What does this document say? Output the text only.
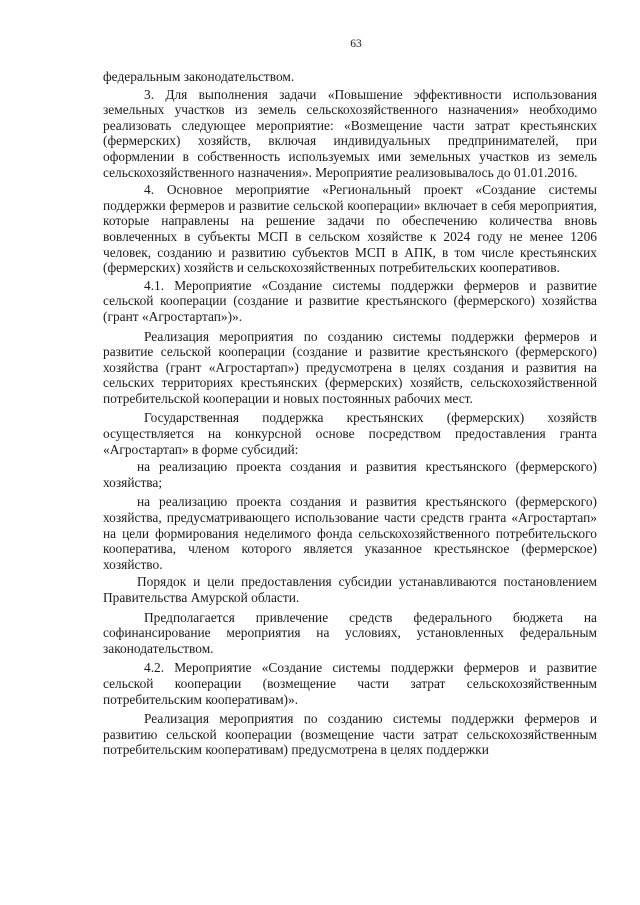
63

федеральным законодательством.

3. Для выполнения задачи «Повышение эффективности использования земельных участков из земель сельскохозяйственного назначения» необходимо реализовать следующее мероприятие: «Возмещение части затрат крестьянских (фермерских) хозяйств, включая индивидуальных предпринимателей, при оформлении в собственность используемых ими земельных участков из земель сельскохозяйственного назначения». Мероприятие реализовывалось до 01.01.2016.

4. Основное мероприятие «Региональный проект «Создание системы поддержки фермеров и развитие сельской кооперации» включает в себя мероприятия, которые направлены на решение задачи по обеспечению количества вновь вовлеченных в субъекты МСП в сельском хозяйстве к 2024 году не менее 1206 человек, созданию и развитию субъектов МСП в АПК, в том числе крестьянских (фермерских) хозяйств и сельскохозяйственных потребительских кооперативов.

4.1. Мероприятие «Создание системы поддержки фермеров и развитие сельской кооперации (создание и развитие крестьянского (фермерского) хозяйства (грант «Агростартап»)».

Реализация мероприятия по созданию системы поддержки фермеров и развитие сельской кооперации (создание и развитие крестьянского (фермерского) хозяйства (грант «Агростартап») предусмотрена в целях создания и развития на сельских территориях крестьянских (фермерских) хозяйств, сельскохозяйственной потребительской кооперации и новых постоянных рабочих мест.

Государственная поддержка крестьянских (фермерских) хозяйств осуществляется на конкурсной основе посредством предоставления гранта «Агростартап» в форме субсидий:

на реализацию проекта создания и развития крестьянского (фермерского) хозяйства;

на реализацию проекта создания и развития крестьянского (фермерского) хозяйства, предусматривающего использование части средств гранта «Агростартап» на цели формирования неделимого фонда сельскохозяйственного потребительского кооператива, членом которого является указанное крестьянское (фермерское) хозяйство.

Порядок и цели предоставления субсидии устанавливаются постановлением Правительства Амурской области.

Предполагается привлечение средств федерального бюджета на софинансирование мероприятия на условиях, установленных федеральным законодательством.

4.2. Мероприятие «Создание системы поддержки фермеров и развитие сельской кооперации (возмещение части затрат сельскохозяйственным потребительским кооперативам)».

Реализация мероприятия по созданию системы поддержки фермеров и развитию сельской кооперации (возмещение части затрат сельскохозяйственным потребительским кооперативам) предусмотрена в целях поддержки
